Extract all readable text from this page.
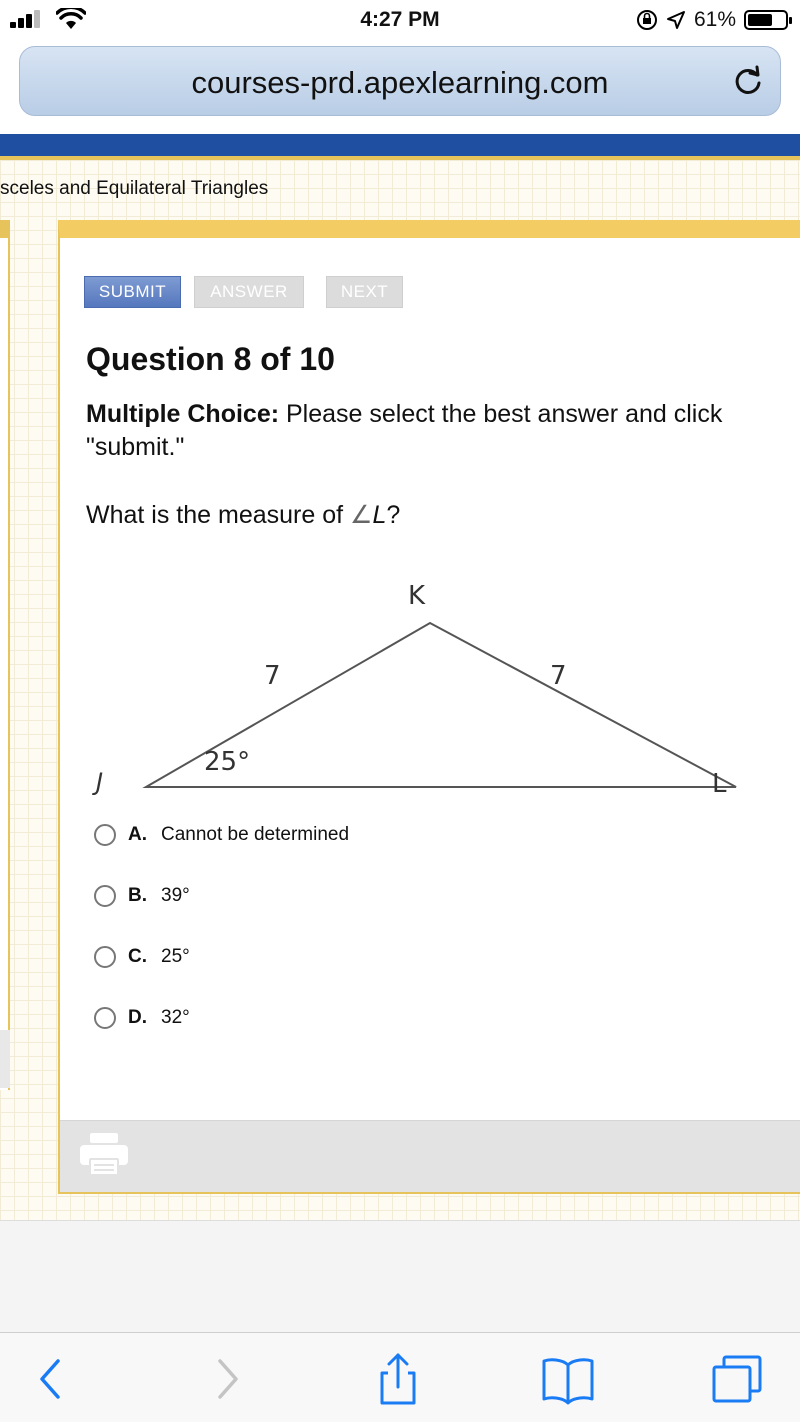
4:27 PM	61%
courses-prd.apexlearning.com
sceles and Equilateral Triangles
SUBMIT	ANSWER	NEXT
Question 8 of 10
Multiple Choice: Please select the best answer and click "submit."
What is the measure of ∠L?
K
J	L
7	7
25°
A. Cannot be determined
B. 39°
C. 25°
D. 32°
